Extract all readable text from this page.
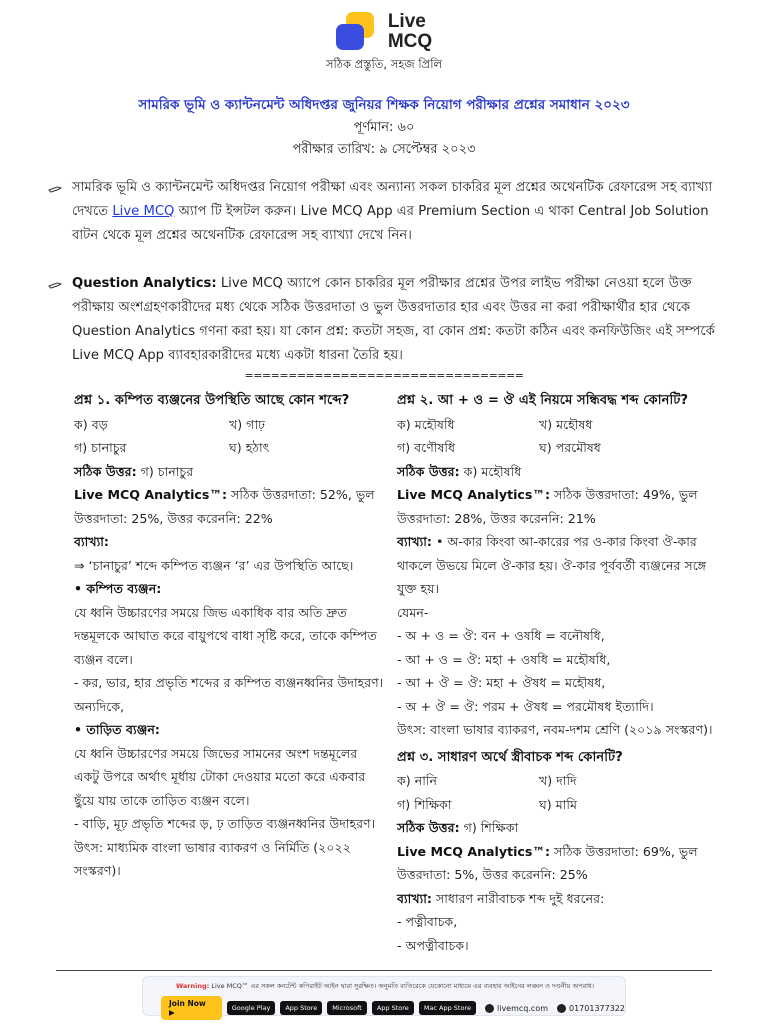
Live
MCQ
সঠিক প্রস্তুতি, সহজ প্রিলি
সামরিক ভূমি ও ক্যান্টনমেন্ট অধিদপ্তর জুনিয়র শিক্ষক নিয়োগ পরীক্ষার প্রশ্নের সমাধান ২০২৩
পূর্ণমান: ৬০
পরীক্ষার তারিখ: ৯ সেপ্টেম্বর ২০২৩
সামরিক ভূমি ও ক্যান্টনমেন্ট অধিদপ্তর নিয়োগ পরীক্ষা এবং অন্যান্য সকল চাকরির মূল প্রশ্নের অথেনটিক রেফারেন্স সহ ব্যাখ্যা দেখতে Live MCQ অ্যাপ টি ইন্সটল করুন। Live MCQ App এর Premium Section এ থাকা Central Job Solution বাটন থেকে মূল প্রশ্নের অথেনটিক রেফারেন্স সহ ব্যাখ্যা দেখে নিন।
Question Analytics: Live MCQ অ্যাপে কোন চাকরির মূল পরীক্ষার প্রশ্নের উপর লাইভ পরীক্ষা নেওয়া হলে উক্ত পরীক্ষায় অংশগ্রহণকারীদের মধ্য থেকে সঠিক উত্তরদাতা ও ভুল উত্তরদাতার হার এবং উত্তর না করা পরীক্ষার্থীর হার থেকে Question Analytics গণনা করা হয়। যা কোন প্রশ্ন: কতটা সহজ, বা কোন প্রশ্ন: কতটা কঠিন এবং কনফিউজিং এই সম্পর্কে Live MCQ App ব্যাবহারকারীদের মধ্যে একটা ধারনা তৈরি হয়।
================================
প্রশ্ন ১. কম্পিত ব্যঞ্জনের উপস্থিতি আছে কোন শব্দে?
ক) বড়	খ) গাঢ়
গ) চানাচুর	ঘ) হঠাৎ
সঠিক উত্তর: গ) চানাচুর
Live MCQ Analytics™: সঠিক উত্তরদাতা: 52%, ভুল উত্তরদাতা: 25%, উত্তর করেননি: 22%
ব্যাখ্যা:
⇒ ‘চানাচুর’ শব্দে কম্পিত ব্যঞ্জন ‘র’ এর উপস্থিতি আছে।
• কম্পিত ব্যঞ্জন:
যে ধ্বনি উচ্চারণের সময়ে জিভ একাধিক বার অতি দ্রুত দন্তমূলকে আঘাত করে বায়ুপথে বাধা সৃষ্টি করে, তাকে কম্পিত ব্যঞ্জন বলে।
- কর, ভার, হার প্রভৃতি শব্দের র কম্পিত ব্যঞ্জনধ্বনির উদাহরণ।
অন্যদিকে,
• তাড়িত ব্যঞ্জন:
যে ধ্বনি উচ্চারণের সময়ে জিভের সামনের অংশ দন্তমূলের একটু উপরে অর্থাৎ মূর্ধায় টোকা দেওয়ার মতো করে একবার ছুঁয়ে যায় তাকে তাড়িত ব্যঞ্জন বলে।
- বাড়ি, মূঢ় প্রভৃতি শব্দের ড়, ঢ় তাড়িত ব্যঞ্জনধ্বনির উদাহরণ।
উৎস: মাধ্যমিক বাংলা ভাষার ব্যাকরণ ও নির্মিতি (২০২২ সংস্করণ)।
প্রশ্ন ২. আ + ও = ঔ এই নিয়মে সন্ধিবদ্ধ শব্দ কোনটি?
ক) মহৌষধি	খ) মহৌষধ
গ) বণৌষধি	ঘ) পরমৌষধ
সঠিক উত্তর: ক) মহৌষধি
Live MCQ Analytics™: সঠিক উত্তরদাতা: 49%, ভুল উত্তরদাতা: 28%, উত্তর করেননি: 21%
ব্যাখ্যা: • অ-কার কিংবা আ-কারের পর ও-কার কিংবা ঔ-কার থাকলে উভয়ে মিলে ঔ-কার হয়। ঔ-কার পূর্ববর্তী ব্যঞ্জনের সঙ্গে যুক্ত হয়।
যেমন-
- অ + ও = ঔ: বন + ওষধি = বনৌষধি,
- আ + ও = ঔ: মহা + ওষধি = মহৌষধি,
- আ + ঔ = ঔ: মহা + ঔষধ = মহৌষধ,
- অ + ঔ = ঔ: পরম + ঔষধ = পরমৌষধ ইত্যাদি।
উৎস: বাংলা ভাষার ব্যাকরণ, নবম-দশম শ্রেণি (২০১৯ সংস্করণ)।
প্রশ্ন ৩. সাধারণ অর্থে স্ত্রীবাচক শব্দ কোনটি?
ক) নানি	খ) দাদি
গ) শিক্ষিকা	ঘ) মামি
সঠিক উত্তর: গ) শিক্ষিকা
Live MCQ Analytics™: সঠিক উত্তরদাতা: 69%, ভুল উত্তরদাতা: 5%, উত্তর করেননি: 25%
ব্যাখ্যা: সাধারণ নারীবাচক শব্দ দুই ধরনের:
- পত্নীবাচক,
- অপত্নীবাচক।
Warning: Live MCQ™ এর সকল কনটেন্ট কপিরাইট আইন দ্বারা সুরক্ষিত। অনুমতি ব্যতিরেকে যেকোনো মাধ্যমে এর ব্যবহার আইনের লঙ্ঘন ও দণ্ডনীয় অপরাধ।
Join Now ▶	Google Play	App Store	Microsoft	App Store	Mac App Store	livemcq.com	01701377322
